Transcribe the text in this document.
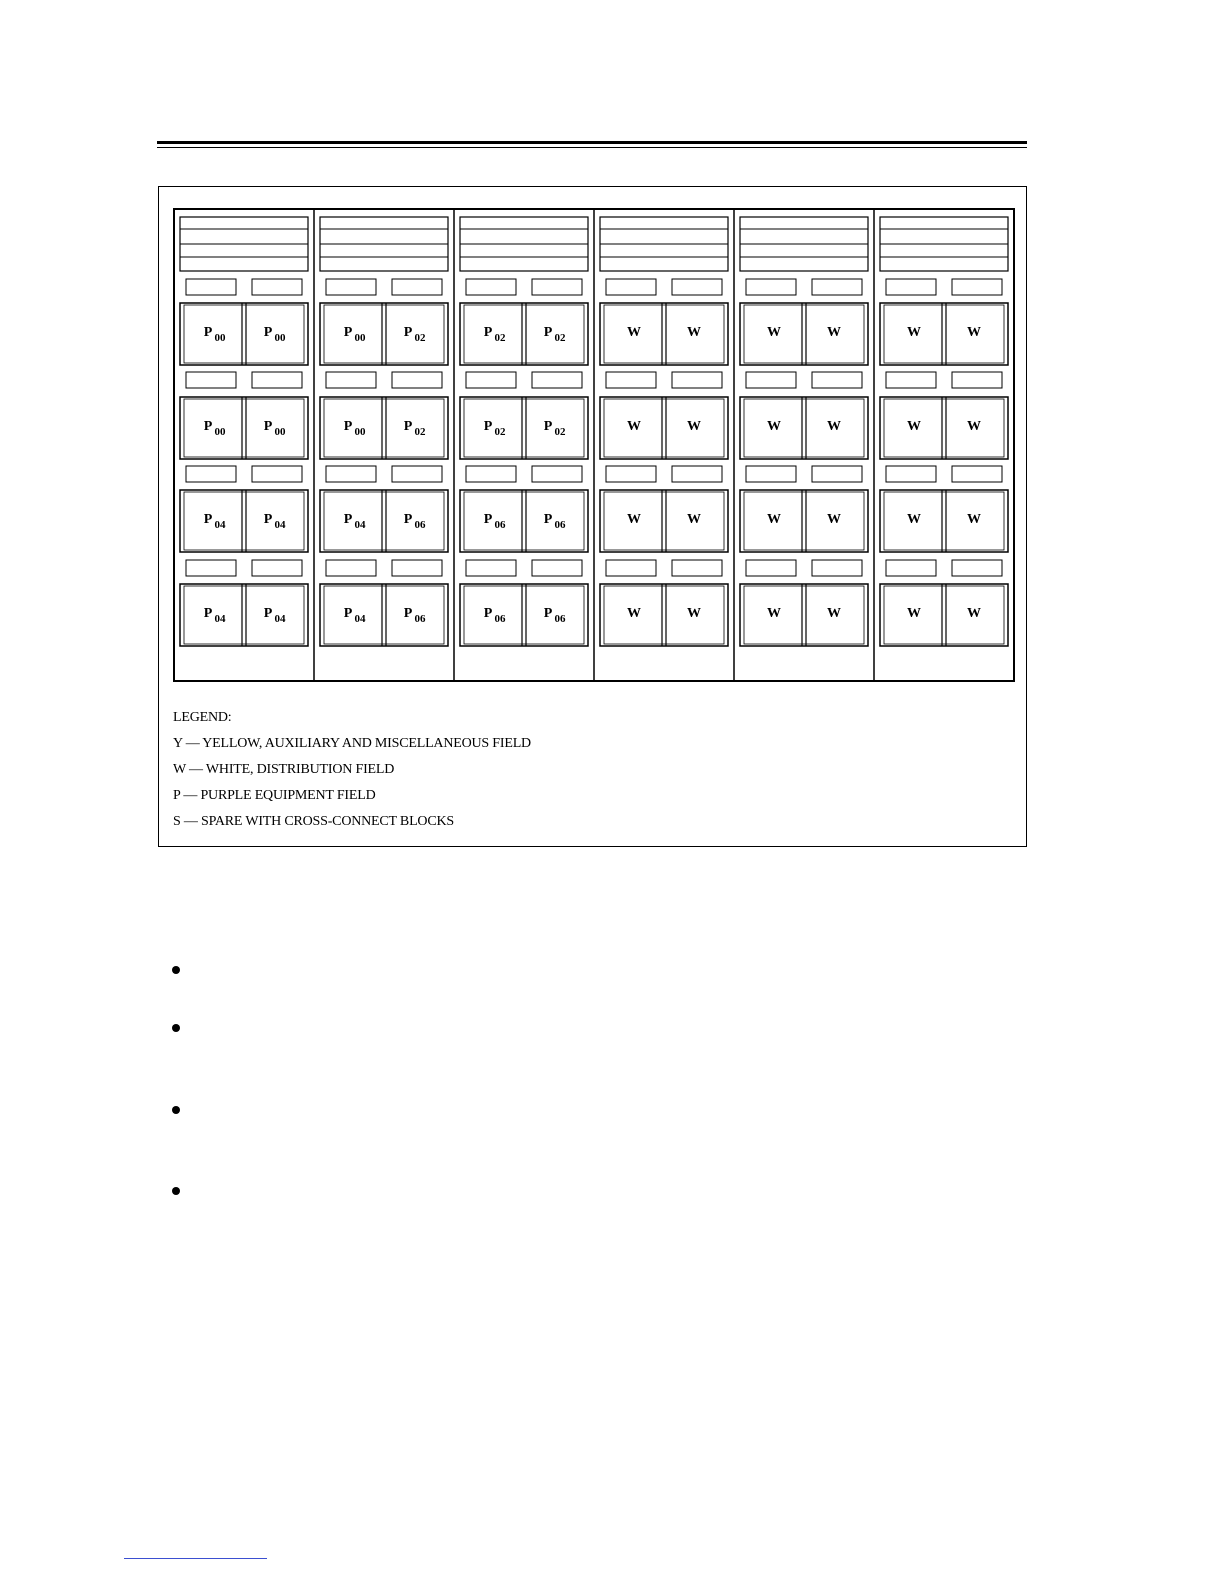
P 00	P 00
P 00	P 00
P 04	P 04
P 04	P 04
P 00	P 02
P 00	P 02
P 04	P 06
P 04	P 06
P 02	P 02
P 02	P 02
P 06	P 06
P 06	P 06
W	W
W	W
W	W
W	W
W	W
W	W
W	W
W	W
W	W
W	W
W	W
W	W
LEGEND:
Y — YELLOW, AUXILIARY AND MISCELLANEOUS FIELD
W — WHITE, DISTRIBUTION FIELD
P — PURPLE EQUIPMENT FIELD
S — SPARE WITH CROSS-CONNECT BLOCKS
